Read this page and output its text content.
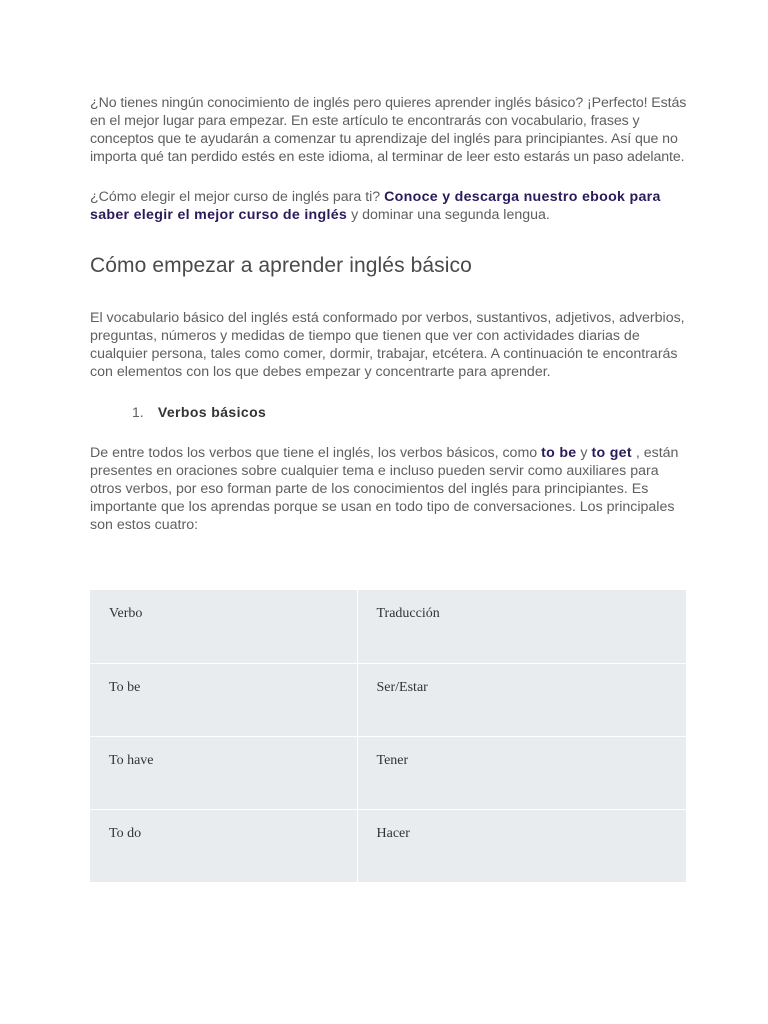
¿No tienes ningún conocimiento de inglés pero quieres aprender inglés básico? ¡Perfecto! Estás en el mejor lugar para empezar. En este artículo te encontrarás con vocabulario, frases y conceptos que te ayudarán a comenzar tu aprendizaje del inglés para principiantes. Así que no importa qué tan perdido estés en este idioma, al terminar de leer esto estarás un paso adelante.

¿Cómo elegir el mejor curso de inglés para ti? Conoce y descarga nuestro ebook para saber elegir el mejor curso de inglés y dominar una segunda lengua.

Cómo empezar a aprender inglés básico

El vocabulario básico del inglés está conformado por verbos, sustantivos, adjetivos, adverbios, preguntas, números y medidas de tiempo que tienen que ver con actividades diarias de cualquier persona, tales como comer, dormir, trabajar, etcétera. A continuación te encontrarás con elementos con los que debes empezar y concentrarte para aprender.

1. Verbos básicos

De entre todos los verbos que tiene el inglés, los verbos básicos, como to be y to get , están presentes en oraciones sobre cualquier tema e incluso pueden servir como auxiliares para otros verbos, por eso forman parte de los conocimientos del inglés para principiantes. Es importante que los aprendas porque se usan en todo tipo de conversaciones. Los principales son estos cuatro:

Verbo	Traducción
To be	Ser/Estar
To have	Tener
To do	Hacer
